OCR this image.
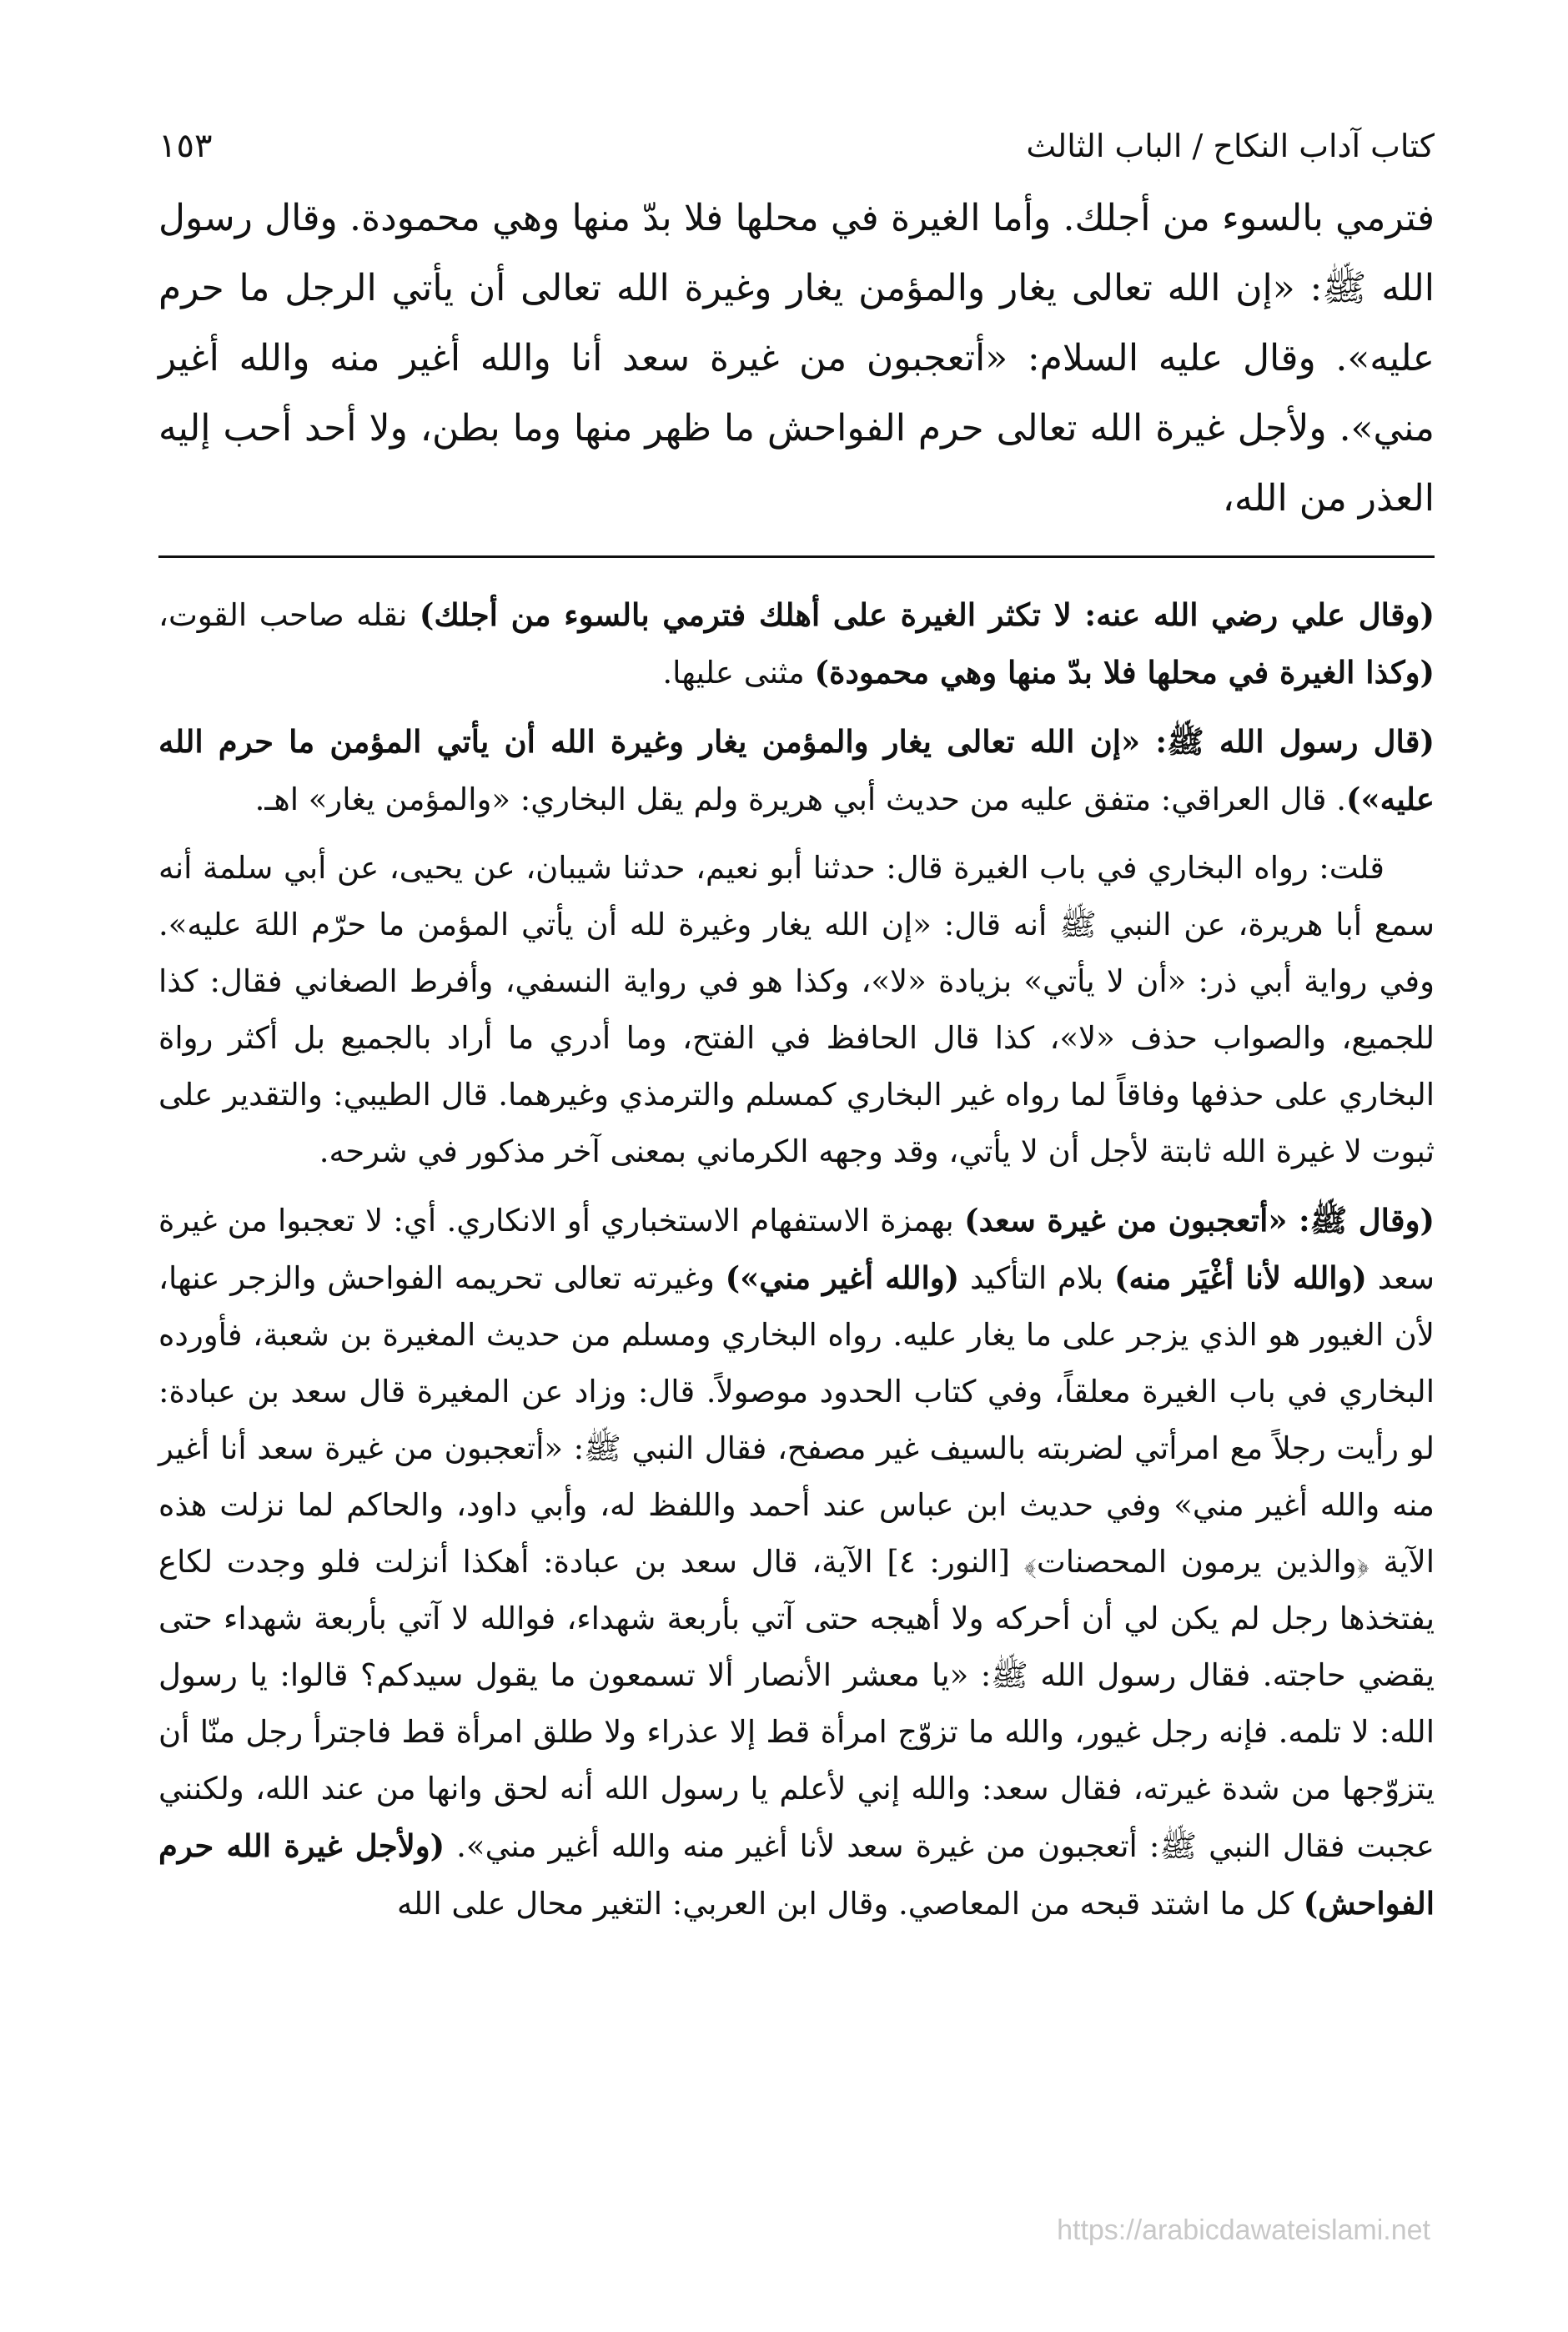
كتاب آداب النكاح / الباب الثالث
١٥٣

فترمي بالسوء من أجلك. وأما الغيرة في محلها فلا بدّ منها وهي محمودة. وقال رسول الله ﷺ: «إن الله تعالى يغار والمؤمن يغار وغيرة الله تعالى أن يأتي الرجل ما حرم عليه». وقال عليه السلام: «أتعجبون من غيرة سعد أنا والله أغير منه والله أغير مني». ولأجل غيرة الله تعالى حرم الفواحش ما ظهر منها وما بطن، ولا أحد أحب إليه العذر من الله،

(وقال علي رضي الله عنه: لا تكثر الغيرة على أهلك فترمي بالسوء من أجلك) نقله صاحب القوت، (وكذا الغيرة في محلها فلا بدّ منها وهي محمودة) مثنى عليها.

(قال رسول الله ﷺ: «إن الله تعالى يغار والمؤمن يغار وغيرة الله أن يأتي المؤمن ما حرم الله عليه»). قال العراقي: متفق عليه من حديث أبي هريرة ولم يقل البخاري: «والمؤمن يغار» اهـ.

قلت: رواه البخاري في باب الغيرة قال: حدثنا أبو نعيم، حدثنا شيبان، عن يحيى، عن أبي سلمة أنه سمع أبا هريرة، عن النبي ﷺ أنه قال: «إن الله يغار وغيرة لله أن يأتي المؤمن ما حرّم اللهَ عليه». وفي رواية أبي ذر: «أن لا يأتي» بزيادة «لا»، وكذا هو في رواية النسفي، وأفرط الصغاني فقال: كذا للجميع، والصواب حذف «لا»، كذا قال الحافظ في الفتح، وما أدري ما أراد بالجميع بل أكثر رواة البخاري على حذفها وفاقاً لما رواه غير البخاري كمسلم والترمذي وغيرهما. قال الطيبي: والتقدير على ثبوت لا غيرة الله ثابتة لأجل أن لا يأتي، وقد وجهه الكرماني بمعنى آخر مذكور في شرحه.

(وقال ﷺ: «أتعجبون من غيرة سعد) بهمزة الاستفهام الاستخباري أو الانكاري. أي: لا تعجبوا من غيرة سعد (والله لأنا أغْيَر منه) بلام التأكيد (والله أغير مني») وغيرته تعالى تحريمه الفواحش والزجر عنها، لأن الغيور هو الذي يزجر على ما يغار عليه. رواه البخاري ومسلم من حديث المغيرة بن شعبة، فأورده البخاري في باب الغيرة معلقاً، وفي كتاب الحدود موصولاً. قال: وزاد عن المغيرة قال سعد بن عبادة: لو رأيت رجلاً مع امرأتي لضربته بالسيف غير مصفح، فقال النبي ﷺ: «أتعجبون من غيرة سعد أنا أغير منه والله أغير مني» وفي حديث ابن عباس عند أحمد واللفظ له، وأبي داود، والحاكم لما نزلت هذه الآية ﴿والذين يرمون المحصنات﴾ [النور: ٤] الآية، قال سعد بن عبادة: أهكذا أنزلت فلو وجدت لكاع يفتخذها رجل لم يكن لي أن أحركه ولا أهيجه حتى آتي بأربعة شهداء، فوالله لا آتي بأربعة شهداء حتى يقضي حاجته. فقال رسول الله ﷺ: «يا معشر الأنصار ألا تسمعون ما يقول سيدكم؟ قالوا: يا رسول الله: لا تلمه. فإنه رجل غيور، والله ما تزوّج امرأة قط إلا عذراء ولا طلق امرأة قط فاجترأ رجل منّا أن يتزوّجها من شدة غيرته، فقال سعد: والله إني لأعلم يا رسول الله أنه لحق وانها من عند الله، ولكنني عجبت فقال النبي ﷺ: أتعجبون من غيرة سعد لأنا أغير منه والله أغير مني». (ولأجل غيرة الله حرم الفواحش) كل ما اشتد قبحه من المعاصي. وقال ابن العربي: التغير محال على الله

https://arabicdawateislami.net
